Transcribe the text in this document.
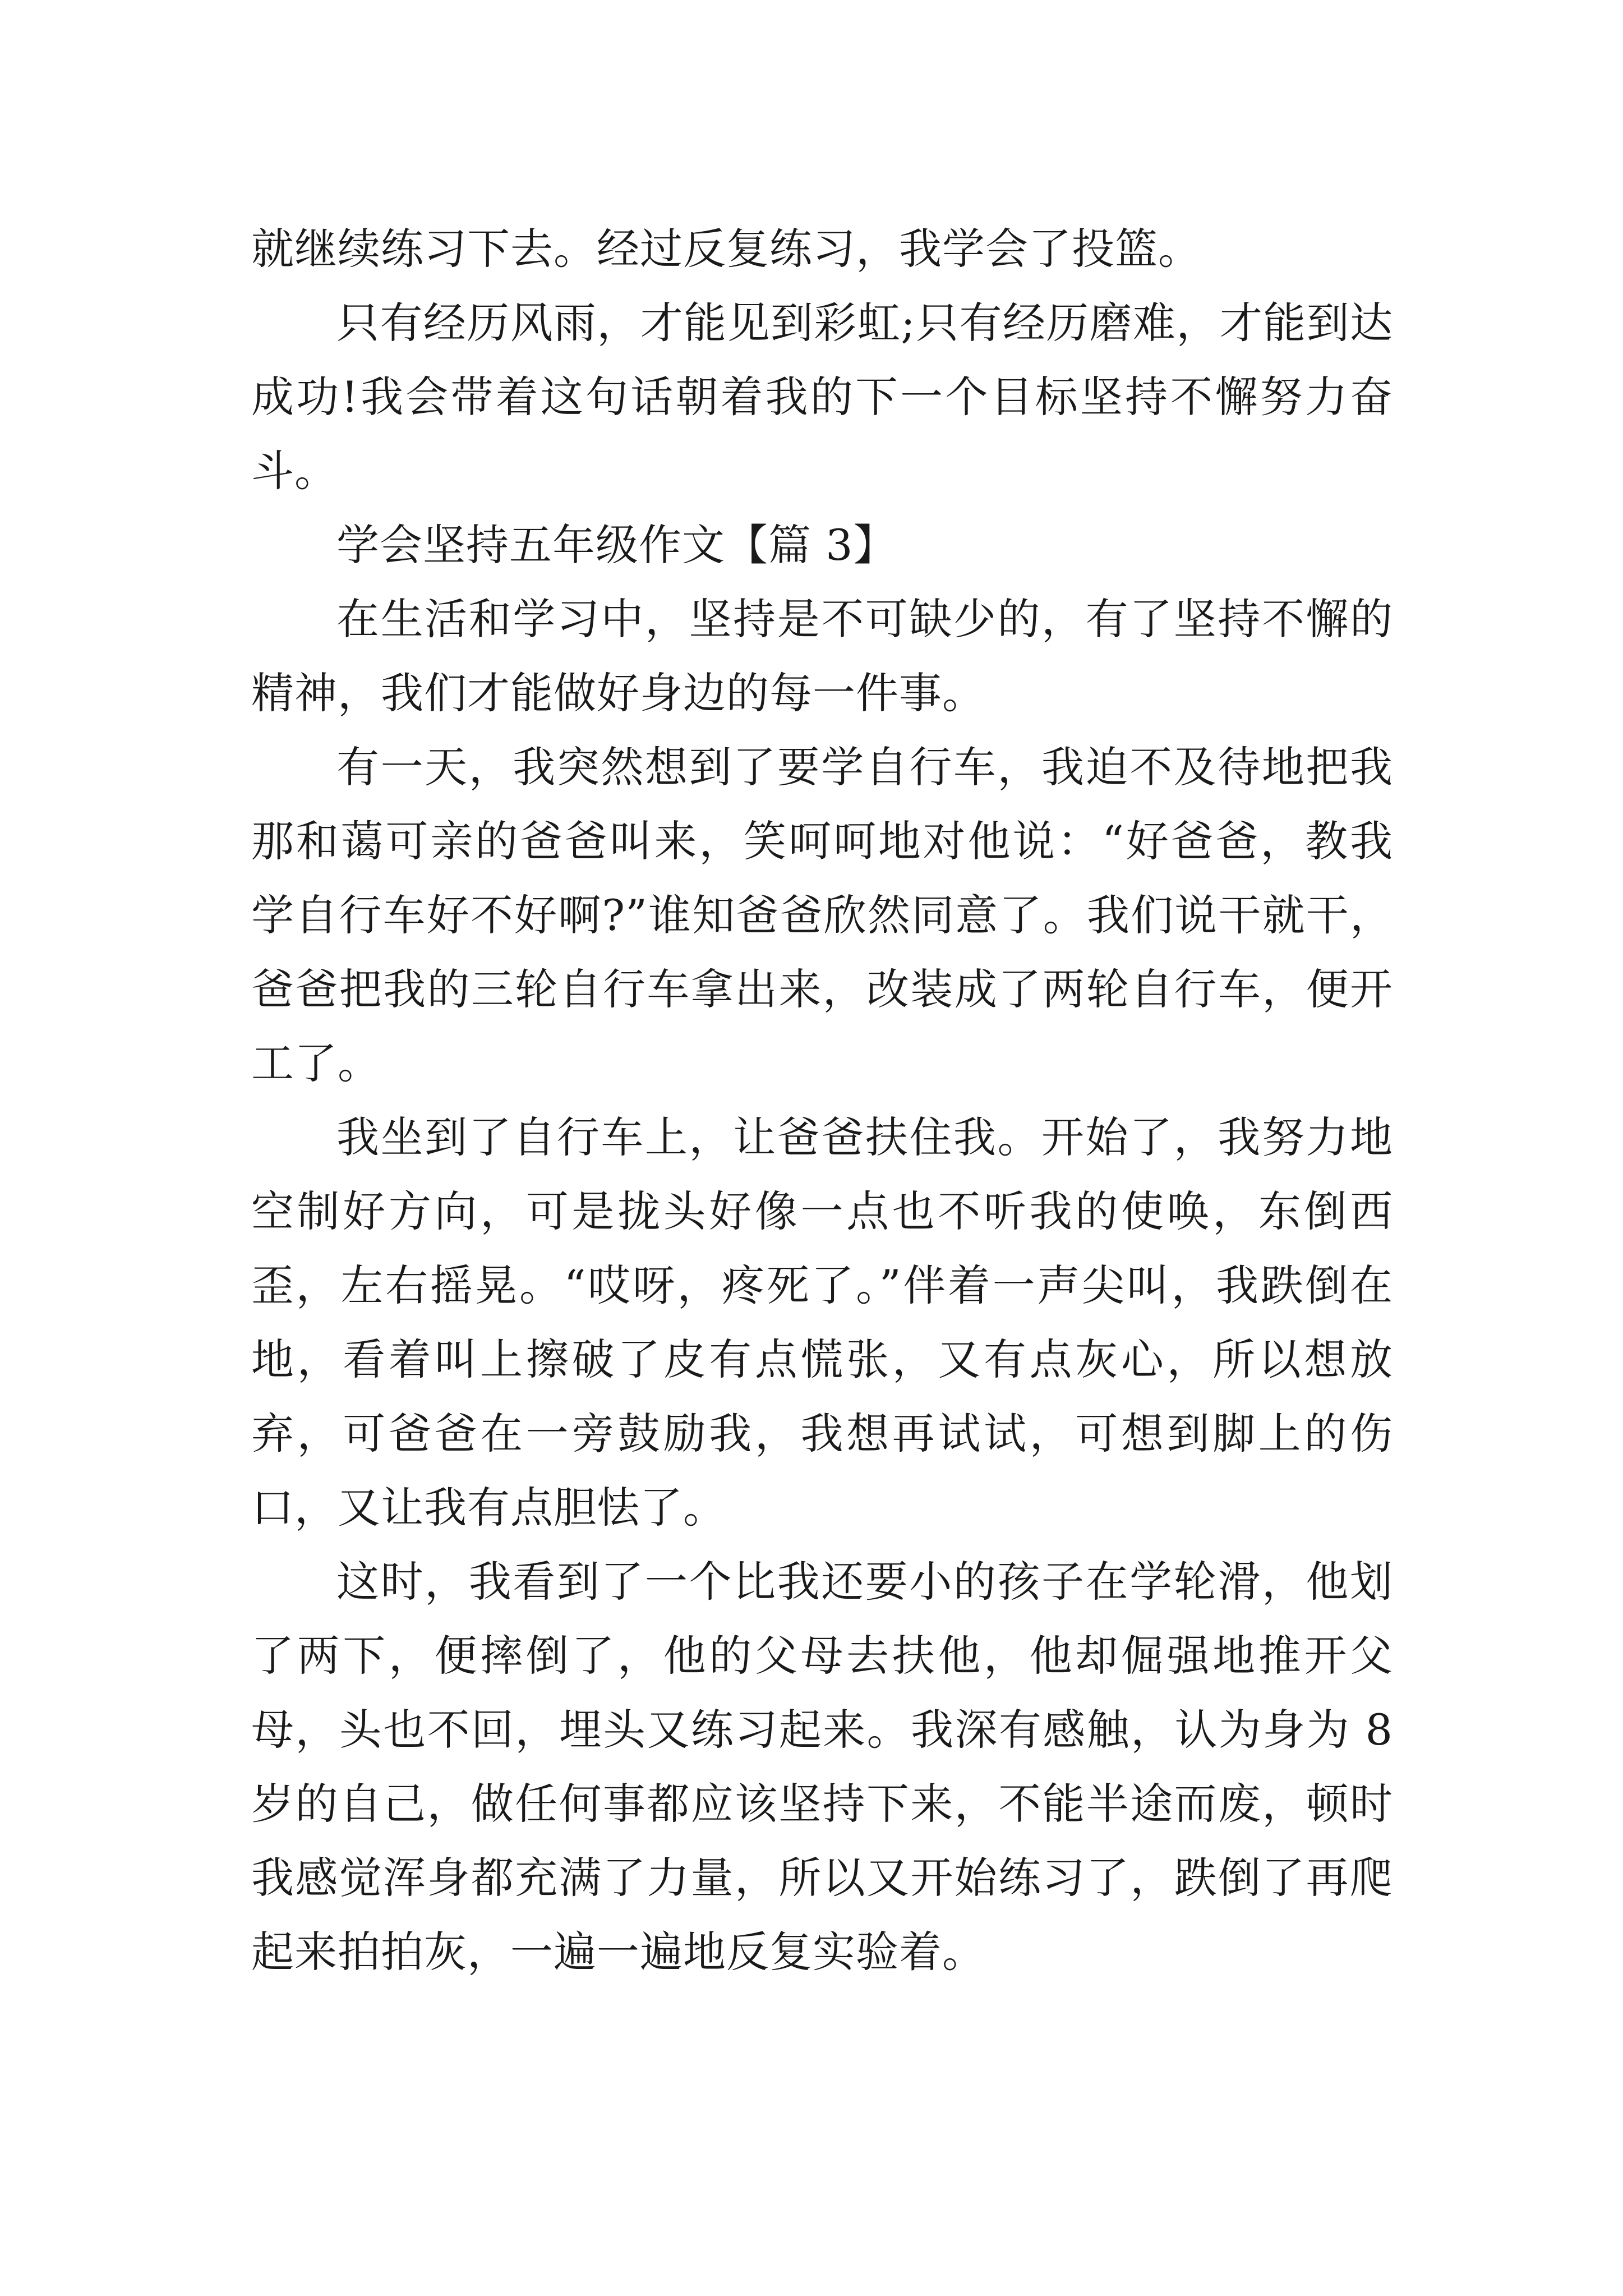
就继续练习下去。经过反复练习，我学会了投篮。

只有经历风雨，才能见到彩虹;只有经历磨难，才能到达成功!我会带着这句话朝着我的下一个目标坚持不懈努力奋斗。

学会坚持五年级作文【篇 3】

在生活和学习中，坚持是不可缺少的，有了坚持不懈的精神，我们才能做好身边的每一件事。

有一天，我突然想到了要学自行车，我迫不及待地把我那和蔼可亲的爸爸叫来，笑呵呵地对他说：“好爸爸，教我学自行车好不好啊?”谁知爸爸欣然同意了。我们说干就干，爸爸把我的三轮自行车拿出来，改装成了两轮自行车，便开工了。

我坐到了自行车上，让爸爸扶住我。开始了，我努力地空制好方向，可是拢头好像一点也不听我的使唤，东倒西歪，左右摇晃。“哎呀，疼死了。”伴着一声尖叫，我跌倒在地，看着叫上擦破了皮有点慌张，又有点灰心，所以想放弃，可爸爸在一旁鼓励我，我想再试试，可想到脚上的伤口，又让我有点胆怯了。

这时，我看到了一个比我还要小的孩子在学轮滑，他划了两下，便摔倒了，他的父母去扶他，他却倔强地推开父母，头也不回，埋头又练习起来。我深有感触，认为身为 8 岁的自己，做任何事都应该坚持下来，不能半途而废，顿时我感觉浑身都充满了力量，所以又开始练习了，跌倒了再爬起来拍拍灰，一遍一遍地反复实验着。
